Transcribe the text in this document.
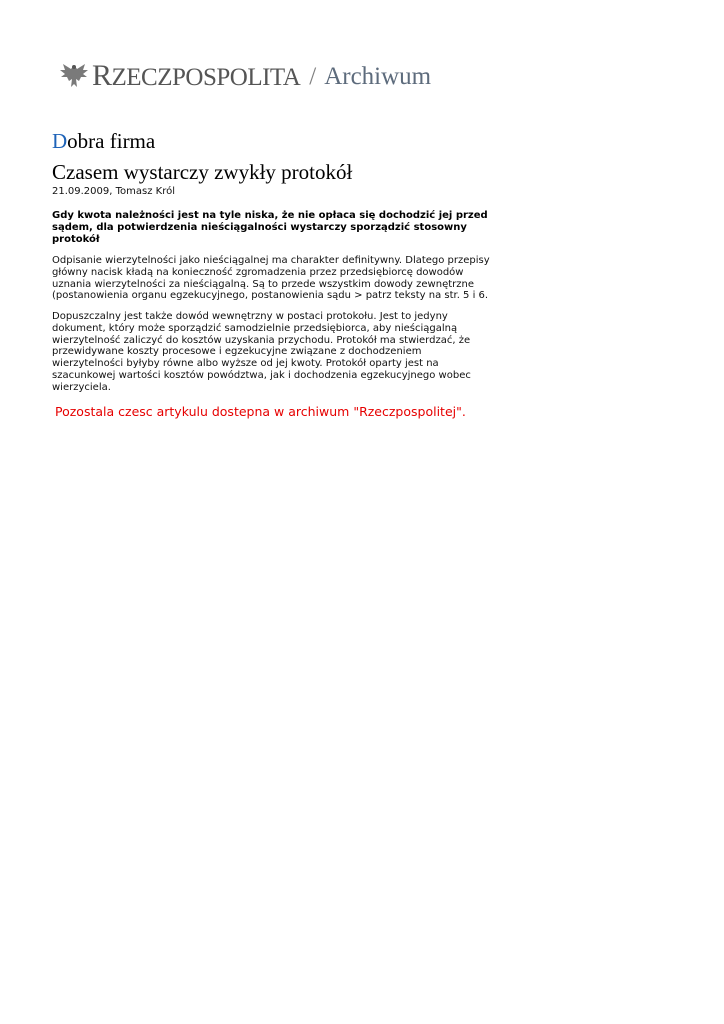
RZECZPOSPOLITA / Archiwum
Dobra firma
Czasem wystarczy zwykły protokół
21.09.2009, Tomasz Król
Gdy kwota należności jest na tyle niska, że nie opłaca się dochodzić jej przed sądem, dla potwierdzenia nieściągalności wystarczy sporządzić stosowny protokół
Odpisanie wierzytelności jako nieściągalnej ma charakter definitywny. Dlatego przepisy główny nacisk kładą na konieczność zgromadzenia przez przedsiębiorcę dowodów uznania wierzytelności za nieściągalną. Są to przede wszystkim dowody zewnętrzne (postanowienia organu egzekucyjnego, postanowienia sądu > patrz teksty na str. 5 i 6.
Dopuszczalny jest także dowód wewnętrzny w postaci protokołu. Jest to jedyny dokument, który może sporządzić samodzielnie przedsiębiorca, aby nieściągalną wierzytelność zaliczyć do kosztów uzyskania przychodu. Protokół ma stwierdzać, że przewidywane koszty procesowe i egzekucyjne związane z dochodzeniem wierzytelności byłyby równe albo wyższe od jej kwoty. Protokół oparty jest na szacunkowej wartości kosztów powództwa, jak i dochodzenia egzekucyjnego wobec wierzyciela.
Pozostala czesc artykulu dostepna w archiwum "Rzeczpospolitej".
